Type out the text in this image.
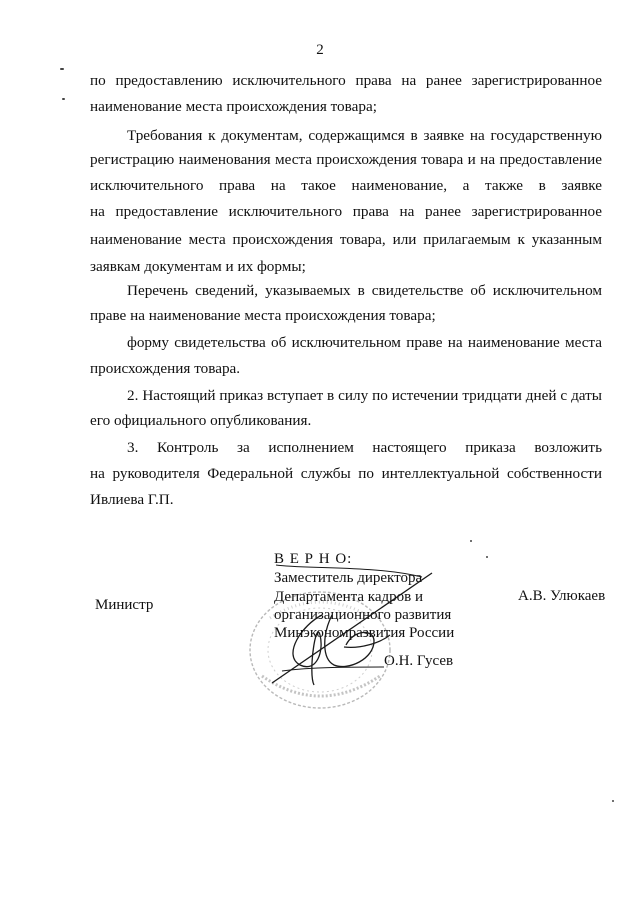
2
по предоставлению исключительного права на ранее зарегистрированное
наименование места происхождения товара;
Требования к документам, содержащимся в заявке на государственную
регистрацию наименования места происхождения товара и на предоставление
исключительного права на такое наименование, а также в заявке
на предоставление исключительного права на ранее зарегистрированное
наименование места происхождения товара, или прилагаемым к указанным
заявкам документам и их формы;
Перечень сведений, указываемых в свидетельстве об исключительном
праве на наименование места происхождения товара;
форму свидетельства об исключительном праве на наименование места
происхождения товара.
2. Настоящий приказ вступает в силу по истечении тридцати дней с даты
его официального опубликования.
3. Контроль за исполнением настоящего приказа возложить
на руководителя Федеральной службы по интеллектуальной собственности
Ивлиева Г.П.
Министр
А.В. Улюкаев
В Е Р Н О:
Заместитель директора
Департамента кадров и
организационного развития
Минэкономразвития России
О.Н. Гусев
